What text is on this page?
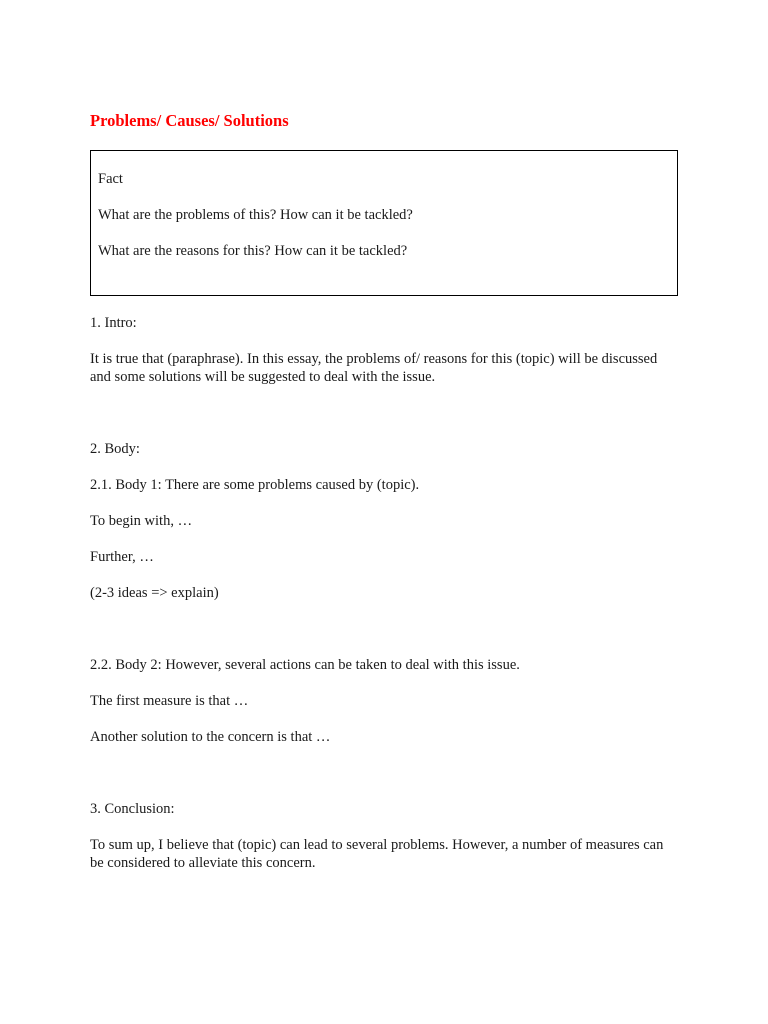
Problems/ Causes/ Solutions
Fact
What are the problems of this? How can it be tackled?
What are the reasons for this? How can it be tackled?
1. Intro:
It is true that (paraphrase). In this essay, the problems of/ reasons for this (topic) will be discussed and some solutions will be suggested to deal with the issue.
2. Body:
2.1. Body 1: There are some problems caused by (topic).
To begin with, …
Further, …
(2-3 ideas => explain)
2.2. Body 2: However, several actions can be taken to deal with this issue.
The first measure is that …
Another solution to the concern is that …
3. Conclusion:
To sum up, I believe that (topic) can lead to several problems. However, a number of measures can be considered to alleviate this concern.
